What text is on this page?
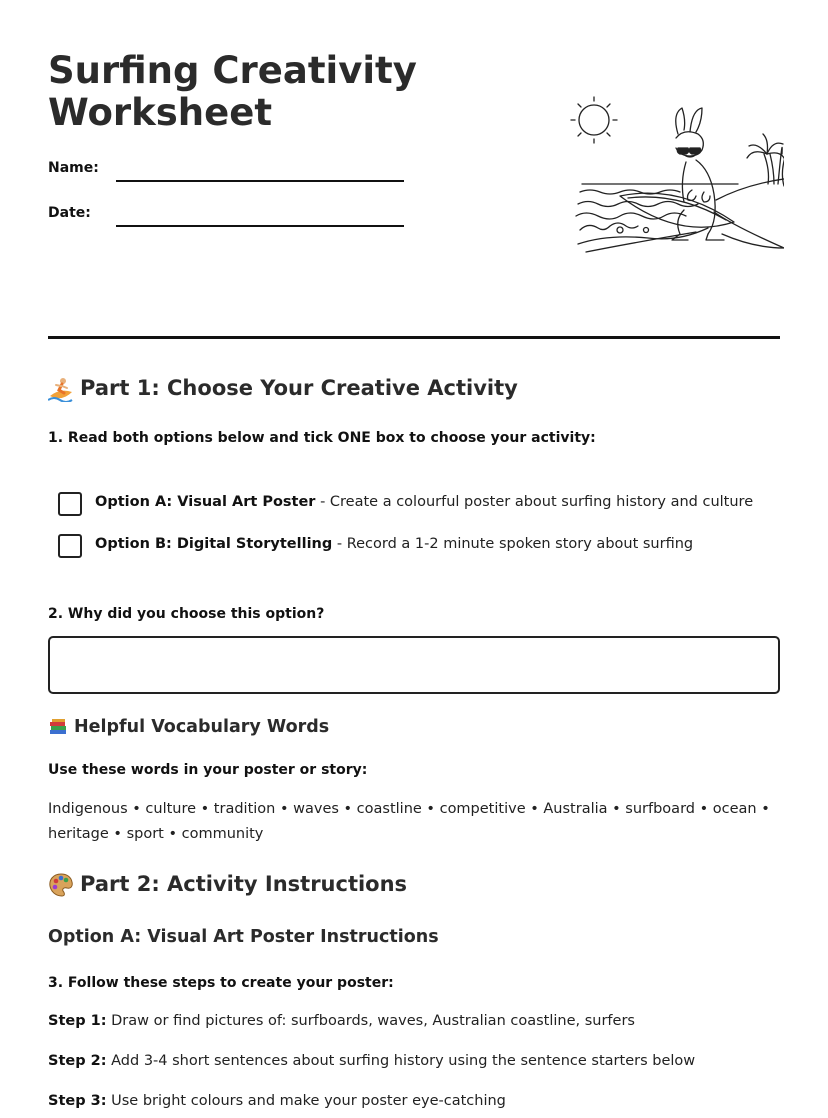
Surfing Creativity Worksheet
Name:
Date:
Part 1: Choose Your Creative Activity
1. Read both options below and tick ONE box to choose your activity:
Option A: Visual Art Poster - Create a colourful poster about surfing history and culture
Option B: Digital Storytelling - Record a 1-2 minute spoken story about surfing
2. Why did you choose this option?
Helpful Vocabulary Words
Use these words in your poster or story:
Indigenous • culture • tradition • waves • coastline • competitive • Australia • surfboard • ocean • heritage • sport • community
Part 2: Activity Instructions
Option A: Visual Art Poster Instructions
3. Follow these steps to create your poster:
Step 1: Draw or find pictures of: surfboards, waves, Australian coastline, surfers
Step 2: Add 3-4 short sentences about surfing history using the sentence starters below
Step 3: Use bright colours and make your poster eye-catching
